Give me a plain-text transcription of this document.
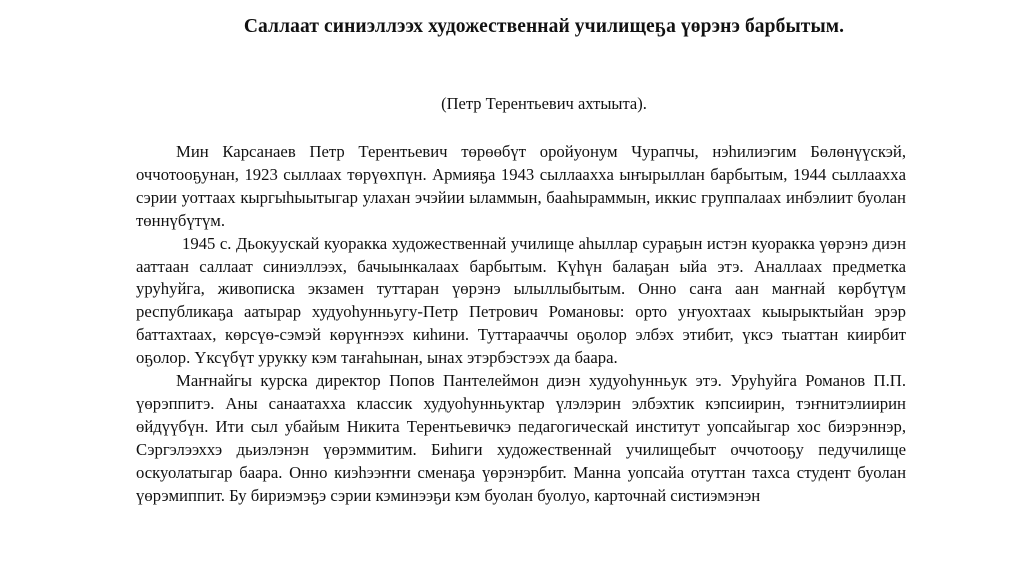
Саллаат синиэллээх художественнай училищеҕа үөрэнэ барбытым.
(Петр Терентьевич ахтыыта).

Мин Карсанаев Петр Терентьевич төрөөбүт оройуонум Чурапчы, нэһилиэгим Бөлөнүүскэй, оччотооҕунан, 1923 сыллаах төрүөхпүн. Армияҕа 1943 сыллааххa ыҥырыллан барбытым, 1944 сыллааххa сэрии уоттаах кыргыһыытыгар улахан эчэйии ыламмын, бааһыраммын, иккис группалаах инбэлиит буолан төннүбүтүм.

1945 с. Дьокуускай куоракка художественнай училище аһыллар сураҕын истэн куоракка үөрэнэ диэн ааттаан саллаат синиэллээх, бачыынкалаах барбытым. Күһүн балаҕан ыйа этэ. Аналлаах предметка уруһуйга, живописка экзамен туттаран үөрэнэ ылыллыбытым. Онно саҥа аан маҥнай көрбүтүм республикаҕа аатырар худуоһунньугу-Петр Петрович Романовы: орто уҥуохтаах кыырыктыйан эрэр баттахтаах, көрсүө-сэмэй көрүҥнээх киһини. Туттарааччы оҕолор элбэх этибит, үксэ тыаттан киирбит оҕолор. Үксүбүт урукку кэм таҥаһынан, ынах этэрбэстээх да баара.

Маҥнайгы курска директор Попов Пантелеймон диэн худуоһунньук этэ. Уруһуйга Романов П.П. үөрэппитэ. Аны санаатахха классик худуоһунньуктар үлэлэрин элбэхтик кэпсиирин, тэҥнитэлиирин өйдүүбүн. Ити сыл убайым Никита Терентьевичкэ педагогическай институт уопсайыгар хос биэрэннэр, Сэргэлээххэ дьиэлэнэн үөрэммитим. Биһиги художественнай училищебыт оччотооҕу педучилище оскуолатыгар баара. Онно киэһээҥҥи сменаҕа үөрэнэрбит. Манна уопсайа отуттан тахса студент буолан үөрэмиппит. Бу бириэмэҕэ сэрии кэминээҕи кэм буолан буолуо, карточнай систиэмэнэн
